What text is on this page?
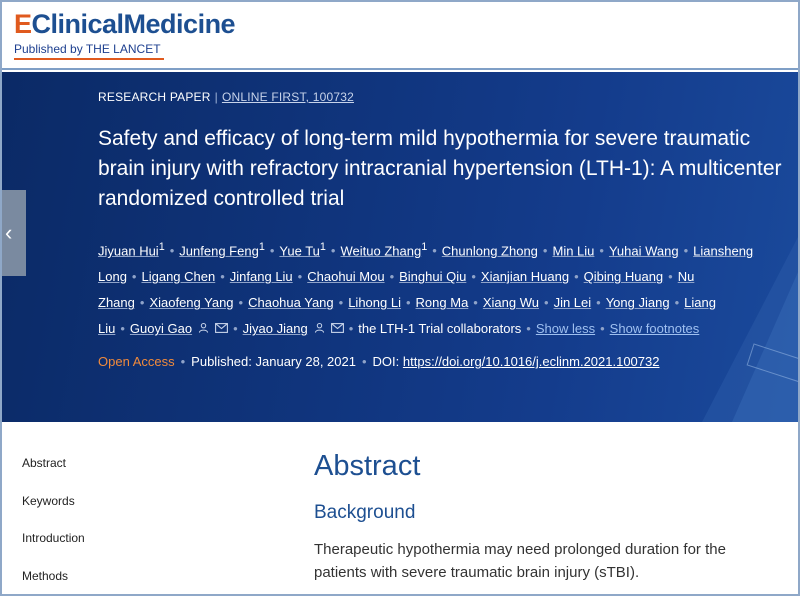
EClinicalMedicine
Published by THE LANCET
‹
RESEARCH PAPER | ONLINE FIRST, 100732
Safety and efficacy of long-term mild hypothermia for severe traumatic brain injury with refractory intracranial hypertension (LTH-1): A multicenter randomized controlled trial
Jiyuan Hui$^1$ • Junfeng Feng$^1$ • Yue Tu$^1$ • Weituo Zhang$^1$ • Chunlong Zhong • Min Liu • Yuhai Wang • Liansheng Long • Ligang Chen • Jinfang Liu • Chaohui Mou • Binghui Qiu • Xianjian Huang • Qibing Huang • Nu Zhang • Xiaofeng Yang • Chaohua Yang • Lihong Li • Rong Ma • Xiang Wu • Jin Lei • Yong Jiang • Liang Liu • Guoyi Gao	• Jiyao Jiang	• the LTH-1 Trial collaborators • Show less • Show footnotes
Open Access • Published: January 28, 2021 • DOI: https://doi.org/10.1016/j.eclinm.2021.100732
Abstract
Keywords
Introduction
Methods
Abstract
Background

Therapeutic hypothermia may need prolonged duration for the patients with severe traumatic brain injury (sTBI).
